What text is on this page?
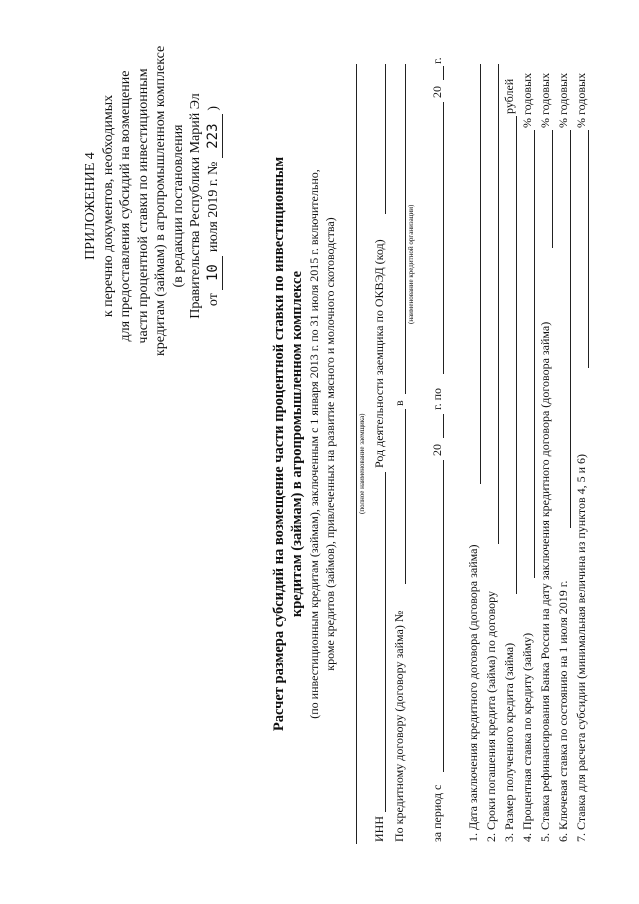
ПРИЛОЖЕНИЕ 4 к перечню документов, необходимых для предоставления субсидий на возмещение части процентной ставки по инвестиционным кредитам (займам) в агропромышленном комплексе (в редакции постановления Правительства Республики Марий Эл от 10 июля 2019 г. № 223 )
Расчет размера субсидий на возмещение части процентной ставки по инвестиционным кредитам (займам) в агропромышленном комплексе (по инвестиционным кредитам (займам), заключенным с 1 января 2013 г. по 31 июля 2015 г. включительно, кроме кредитов (займов), привлеченных на развитие мясного и молочного скотоводства)	(полное наименование заемщика)
ИНН
Род деятельности заемщика по ОКВЭД (код)
По кредитному договору (договору займа) №
в
(наименование кредитной организации)
за период с
20
г. по
20
г.
1. Дата заключения кредитного договора (договора займа) 2. Сроки погашения кредита (займа) по договору 3. Размер полученного кредита (займа)
рублей
4. Процентная ставка по кредиту (займу)
% годовых
5. Ставка рефинансирования Банка России на дату заключения кредитного договора (договора займа)
% годовых
6. Ключевая ставка по состоянию на 1 июля 2019 г.
% годовых
7. Ставка для расчета субсидии (минимальная величина из пунктов 4, 5 и 6)
% годовых
